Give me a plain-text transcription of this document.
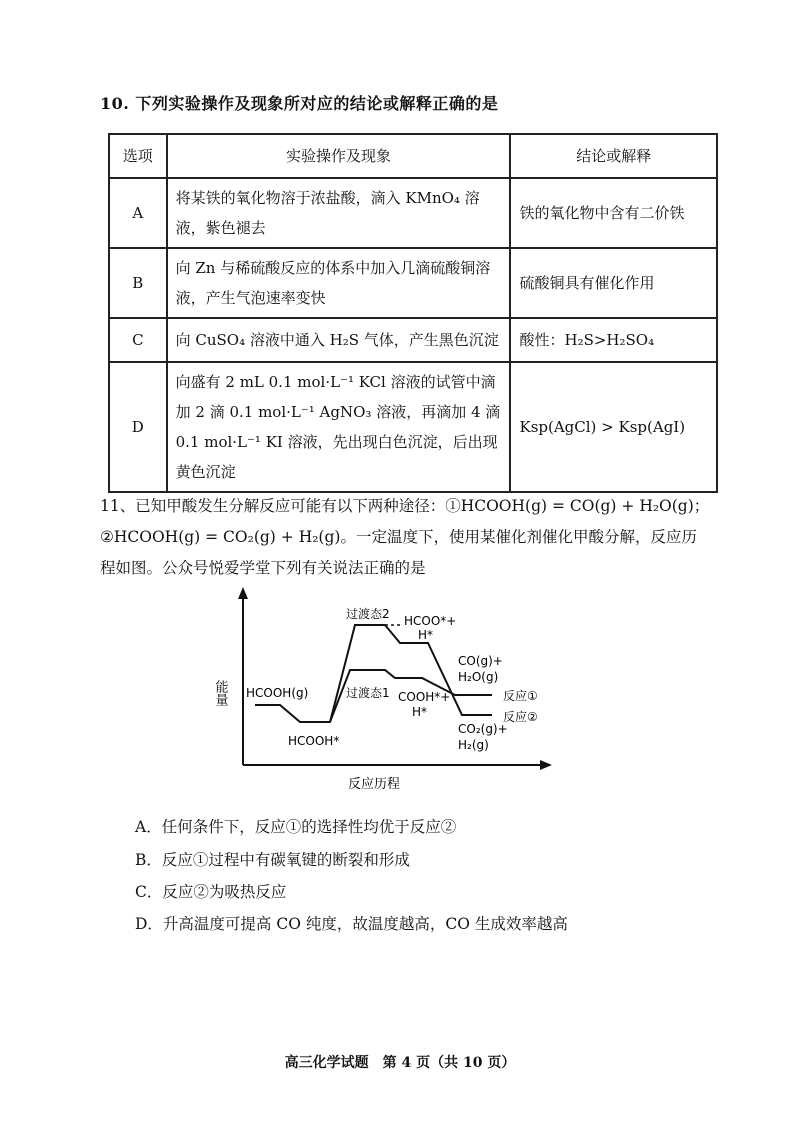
10. 下列实验操作及现象所对应的结论或解释正确的是
选项	实验操作及现象	结论或解释
A	将某铁的氧化物溶于浓盐酸，滴入 KMnO₄ 溶液，紫色褪去	铁的氧化物中含有二价铁
B	向 Zn 与稀硫酸反应的体系中加入几滴硫酸铜溶液，产生气泡速率变快	硫酸铜具有催化作用
C	向 CuSO₄ 溶液中通入 H₂S 气体，产生黑色沉淀	酸性：H₂S>H₂SO₄
D	向盛有 2 mL 0.1 mol·L⁻¹ KCl 溶液的试管中滴加 2 滴 0.1 mol·L⁻¹ AgNO₃ 溶液，再滴加 4 滴 0.1 mol·L⁻¹ KI 溶液，先出现白色沉淀，后出现黄色沉淀	Ksp(AgCl) > Ksp(AgI)
11、已知甲酸发生分解反应可能有以下两种途径：①HCOOH(g) = CO(g) + H₂O(g)；
②HCOOH(g) = CO₂(g) + H₂(g)。一定温度下，使用某催化剂催化甲酸分解，反应历
程如图。公众号悦爱学堂下列有关说法正确的是
能量 HCOOH(g)
HCOOH*
过渡态1
过渡态2
COOH*+
H*
HCOO*+
H*
CO(g)+
H₂O(g)
CO₂(g)+
H₂(g)
反应①
反应②
反应历程
A．任何条件下，反应①的选择性均优于反应②
B．反应①过程中有碳氧键的断裂和形成
C．反应②为吸热反应
D．升高温度可提高 CO 纯度，故温度越高，CO 生成效率越高
高三化学试题　第 4 页（共 10 页）
